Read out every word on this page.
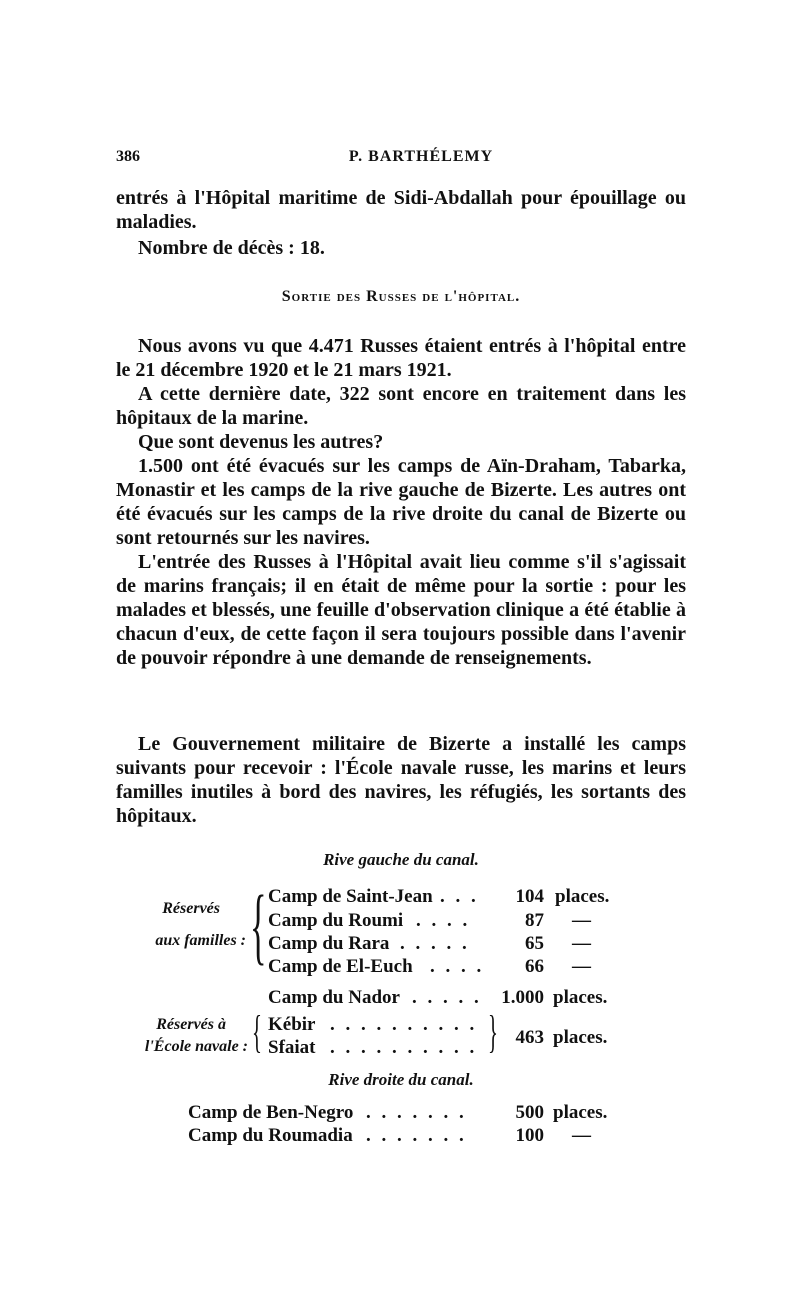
386	P. BARTHÉLEMY

entrés à l'Hôpital maritime de Sidi-Abdallah pour épouillage ou maladies.

Nombre de décès : 18.

Sortie des Russes de l'hôpital.

Nous avons vu que 4.471 Russes étaient entrés à l'hôpital entre le 21 décembre 1920 et le 21 mars 1921.

A cette dernière date, 322 sont encore en traitement dans les hôpitaux de la marine.

Que sont devenus les autres?

1.500 ont été évacués sur les camps de Aïn-Draham, Tabarka, Monastir et les camps de la rive gauche de Bizerte. Les autres ont été évacués sur les camps de la rive droite du canal de Bizerte ou sont retournés sur les navires.

L'entrée des Russes à l'Hôpital avait lieu comme s'il s'agissait de marins français; il en était de même pour la sortie : pour les malades et blessés, une feuille d'observation clinique a été établie à chacun d'eux, de cette façon il sera toujours possible dans l'avenir de pouvoir répondre à une demande de renseignements.

Le Gouvernement militaire de Bizerte a installé les camps suivants pour recevoir : l'École navale russe, les marins et leurs familles inutiles à bord des navires, les réfugiés, les sortants des hôpitaux.

Rive gauche du canal.
Réservés
aux familles : { Camp de Saint-Jean . . .	104 places.
Camp du Roumi . . . .	87 —
Camp du Rara . . . . .	65 —
Camp de El-Euch . . . .	66 —
Camp du Nador . . . . .	1.000 places.
Réservés à
l'École navale : { Kébir . . . . . . . . . .
Sfaiat . . . . . . . . . . } 463 places.
Rive droite du canal.
Camp de Ben-Negro . . . . . . .	500 places.
Camp du Roumadia . . . . . . .	100 —
